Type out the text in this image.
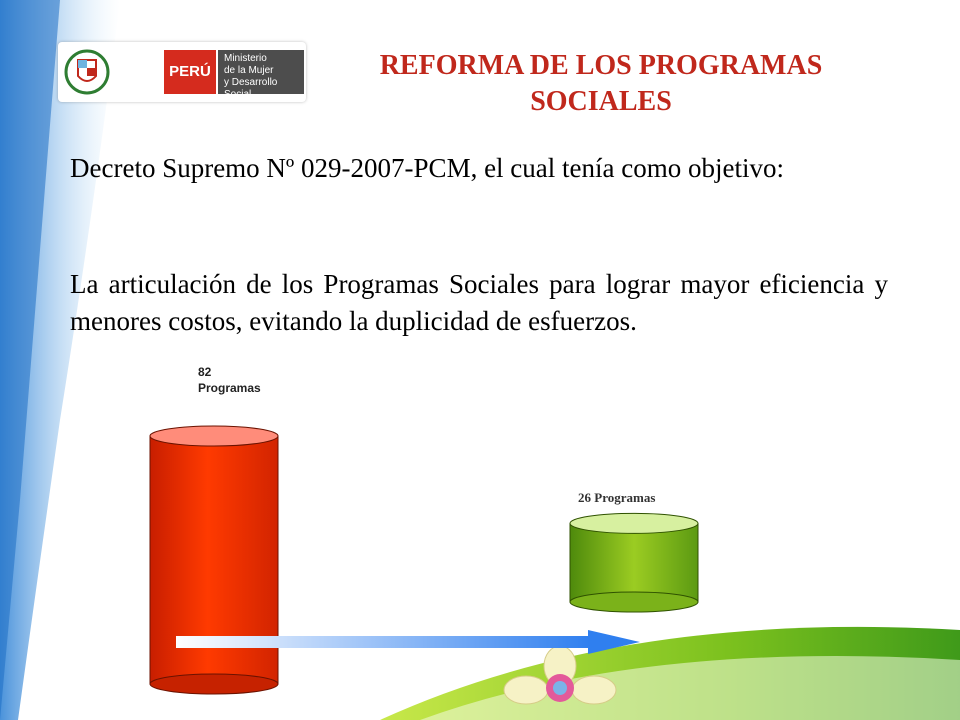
PERÚ
Ministerio
de la Mujer
y Desarrollo Social
REFORMA DE LOS PROGRAMAS SOCIALES

Decreto Supremo Nº 029-2007-PCM, el cual tenía como objetivo:

La articulación de los Programas Sociales para lograr mayor eficiencia y menores costos, evitando la duplicidad de esfuerzos.

82
Programas
26 Programas
